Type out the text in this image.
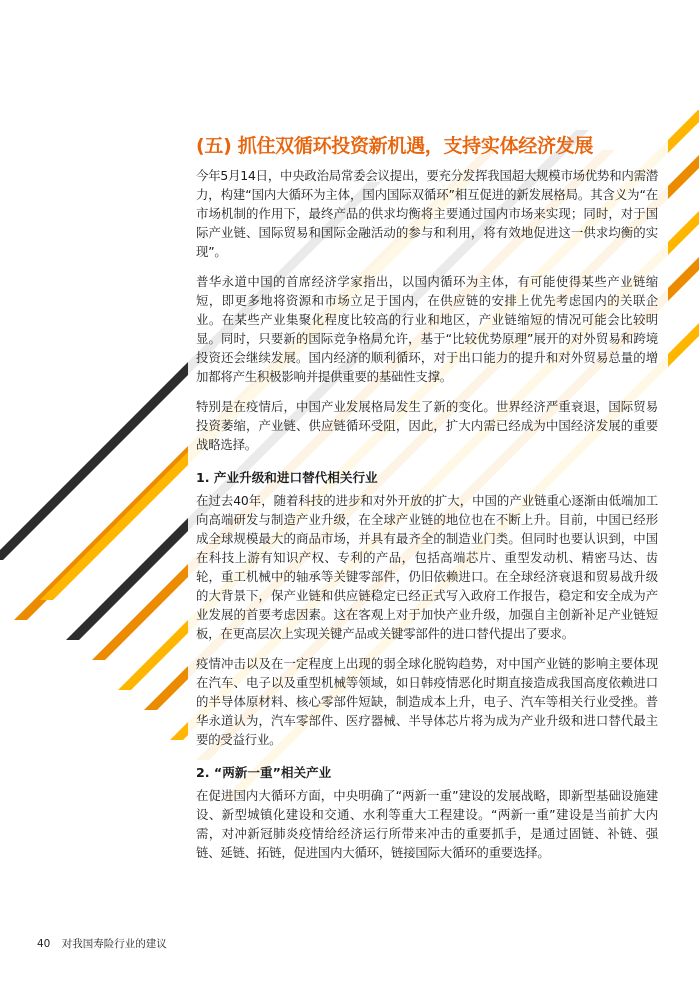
(五) 抓住双循环投资新机遇，支持实体经济发展

今年5月14日，中央政治局常委会议提出，要充分发挥我国超大规模市场优势和内需潜力，构建“国内大循环为主体，国内国际双循环”相互促进的新发展格局。其含义为“在市场机制的作用下，最终产品的供求均衡将主要通过国内市场来实现；同时，对于国际产业链、国际贸易和国际金融活动的参与和利用，将有效地促进这一供求均衡的实现”。

普华永道中国的首席经济学家指出，以国内循环为主体，有可能使得某些产业链缩短，即更多地将资源和市场立足于国内，在供应链的安排上优先考虑国内的关联企业。在某些产业集聚化程度比较高的行业和地区，产业链缩短的情况可能会比较明显。同时，只要新的国际竞争格局允许，基于“比较优势原理”展开的对外贸易和跨境投资还会继续发展。国内经济的顺利循环，对于出口能力的提升和对外贸易总量的增加都将产生积极影响并提供重要的基础性支撑。

特别是在疫情后，中国产业发展格局发生了新的变化。世界经济严重衰退，国际贸易投资萎缩，产业链、供应链循环受阻，因此，扩大内需已经成为中国经济发展的重要战略选择。

1. 产业升级和进口替代相关行业

在过去40年，随着科技的进步和对外开放的扩大，中国的产业链重心逐渐由低端加工向高端研发与制造产业升级，在全球产业链的地位也在不断上升。目前，中国已经形成全球规模最大的商品市场，并具有最齐全的制造业门类。但同时也要认识到，中国在科技上游有知识产权、专利的产品，包括高端芯片、重型发动机、精密马达、齿轮，重工机械中的轴承等关键零部件，仍旧依赖进口。在全球经济衰退和贸易战升级的大背景下，保产业链和供应链稳定已经正式写入政府工作报告，稳定和安全成为产业发展的首要考虑因素。这在客观上对于加快产业升级，加强自主创新补足产业链短板，在更高层次上实现关键产品或关键零部件的进口替代提出了要求。

疫情冲击以及在一定程度上出现的弱全球化脱钩趋势，对中国产业链的影响主要体现在汽车、电子以及重型机械等领域，如日韩疫情恶化时期直接造成我国高度依赖进口的半导体原材料、核心零部件短缺，制造成本上升，电子、汽车等相关行业受挫。普华永道认为，汽车零部件、医疗器械、半导体芯片将为成为产业升级和进口替代最主要的受益行业。

2. “两新一重”相关产业

在促进国内大循环方面，中央明确了“两新一重”建设的发展战略，即新型基础设施建设、新型城镇化建设和交通、水利等重大工程建设。“两新一重”建设是当前扩大内需，对冲新冠肺炎疫情给经济运行所带来冲击的重要抓手，是通过固链、补链、强链、延链、拓链，促进国内大循环，链接国际大循环的重要选择。

40 对我国寿险行业的建议
